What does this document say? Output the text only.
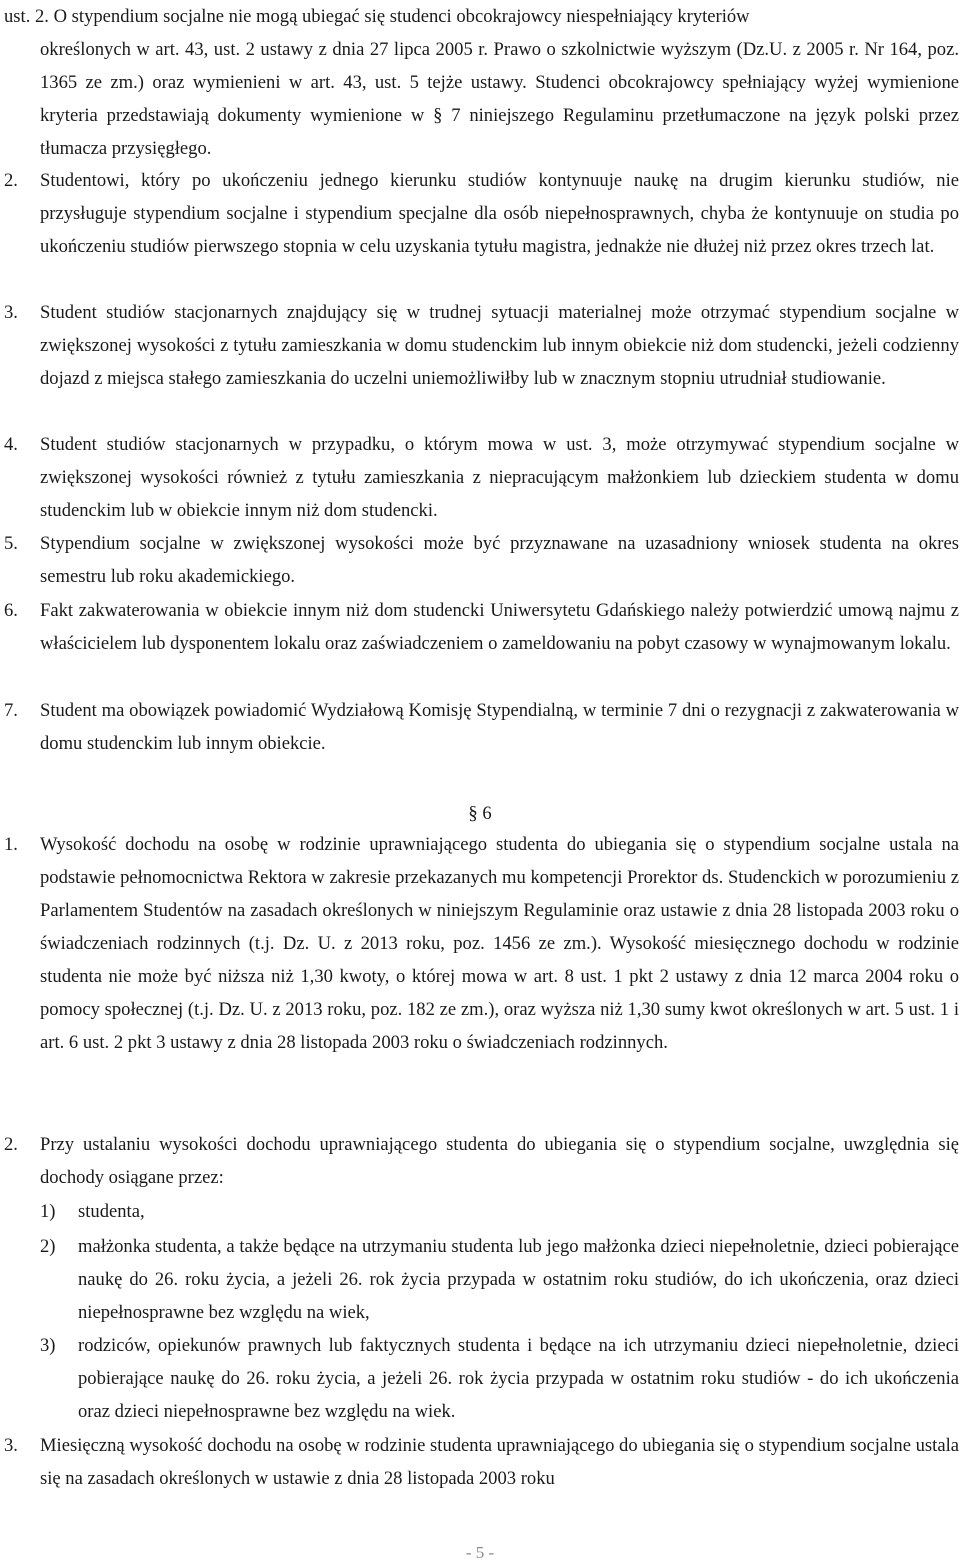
ust. 2. O stypendium socjalne nie mogą ubiegać się studenci obcokrajowcy niespełniający kryteriów

określonych w art. 43, ust. 2 ustawy z dnia 27 lipca 2005 r. Prawo o szkolnictwie wyższym (Dz.U. z 2005 r. Nr 164, poz. 1365 ze zm.) oraz wymienieni w art. 43, ust. 5 tejże ustawy. Studenci obcokrajowcy spełniający wyżej wymienione kryteria przedstawiają dokumenty wymienione w § 7 niniejszego Regulaminu przetłumaczone na język polski przez tłumacza przysięgłego.
2. Studentowi, który po ukończeniu jednego kierunku studiów kontynuuje naukę na drugim kierunku studiów, nie przysługuje stypendium socjalne i stypendium specjalne dla osób niepełnosprawnych, chyba że kontynuuje on studia po ukończeniu studiów pierwszego stopnia w celu uzyskania tytułu magistra, jednakże nie dłużej niż przez okres trzech lat.
3. Student studiów stacjonarnych znajdujący się w trudnej sytuacji materialnej może otrzymać stypendium socjalne w zwiększonej wysokości z tytułu zamieszkania w domu studenckim lub innym obiekcie niż dom studencki, jeżeli codzienny dojazd z miejsca stałego zamieszkania do uczelni uniemożliwiłby lub w znacznym stopniu utrudniał studiowanie.
4. Student studiów stacjonarnych w przypadku, o którym mowa w ust. 3, może otrzymywać stypendium socjalne w zwiększonej wysokości również z tytułu zamieszkania z niepracującym małżonkiem lub dzieckiem studenta w domu studenckim lub w obiekcie innym niż dom studencki.
5. Stypendium socjalne w zwiększonej wysokości może być przyznawane na uzasadniony wniosek studenta na okres semestru lub roku akademickiego.
6. Fakt zakwaterowania w obiekcie innym niż dom studencki Uniwersytetu Gdańskiego należy potwierdzić umową najmu z właścicielem lub dysponentem lokalu oraz zaświadczeniem o zameldowaniu na pobyt czasowy w wynajmowanym lokalu.
7. Student ma obowiązek powiadomić Wydziałową Komisję Stypendialną, w terminie 7 dni o rezygnacji z zakwaterowania w domu studenckim lub innym obiekcie.
§ 6
1. Wysokość dochodu na osobę w rodzinie uprawniającego studenta do ubiegania się o stypendium socjalne ustala na podstawie pełnomocnictwa Rektora w zakresie przekazanych mu kompetencji Prorektor ds. Studenckich w porozumieniu z Parlamentem Studentów na zasadach określonych w niniejszym Regulaminie oraz ustawie z dnia 28 listopada 2003 roku o świadczeniach rodzinnych (t.j. Dz. U. z 2013 roku, poz. 1456 ze zm.). Wysokość miesięcznego dochodu w rodzinie studenta nie może być niższa niż 1,30 kwoty, o której mowa w art. 8 ust. 1 pkt 2 ustawy z dnia 12 marca 2004 roku o pomocy społecznej (t.j. Dz. U. z 2013 roku, poz. 182 ze zm.), oraz wyższa niż 1,30 sumy kwot określonych w art. 5 ust. 1 i art. 6 ust. 2 pkt 3 ustawy z dnia 28 listopada 2003 roku o świadczeniach rodzinnych.
2. Przy ustalaniu wysokości dochodu uprawniającego studenta do ubiegania się o stypendium socjalne, uwzględnia się dochody osiągane przez:
1) studenta,
2) małżonka studenta, a także będące na utrzymaniu studenta lub jego małżonka dzieci niepełnoletnie, dzieci pobierające naukę do 26. roku życia, a jeżeli 26. rok życia przypada w ostatnim roku studiów, do ich ukończenia, oraz dzieci niepełnosprawne bez względu na wiek,
3) rodziców, opiekunów prawnych lub faktycznych studenta i będące na ich utrzymaniu dzieci niepełnoletnie, dzieci pobierające naukę do 26. roku życia, a jeżeli 26. rok życia przypada w ostatnim roku studiów - do ich ukończenia oraz dzieci niepełnosprawne bez względu na wiek.
3. Miesięczną wysokość dochodu na osobę w rodzinie studenta uprawniającego do ubiegania się o stypendium socjalne ustala się na zasadach określonych w ustawie z dnia 28 listopada 2003 roku
- 5 -
